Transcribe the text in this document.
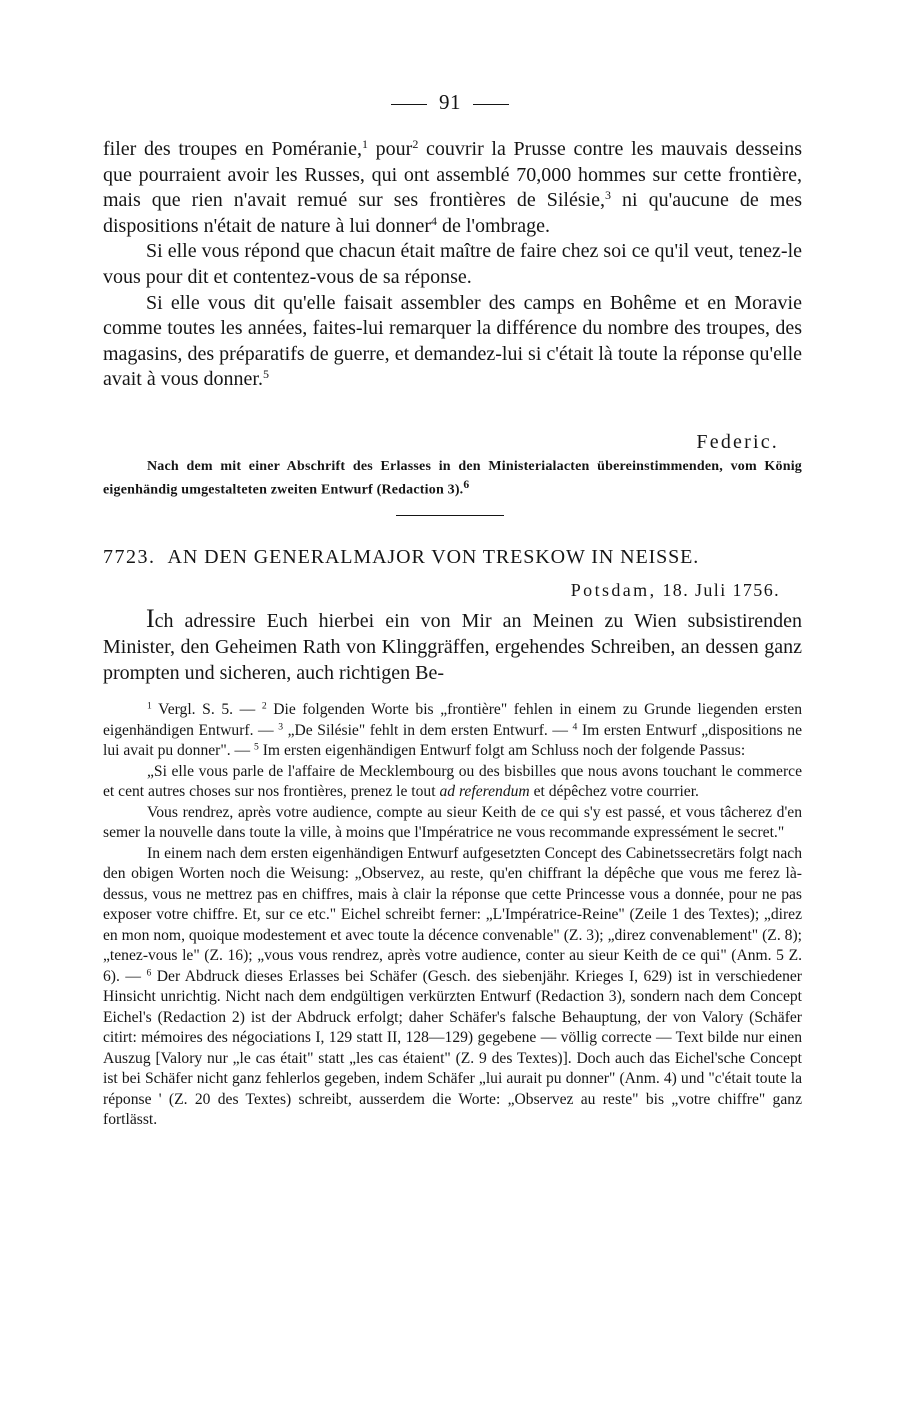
91

filer des troupes en Poméranie,$^1$ pour$^2$ couvrir la Prusse contre les mauvais desseins que pourraient avoir les Russes, qui ont assemblé 70,000 hommes sur cette frontière, mais que rien n'avait remué sur ses frontières de Silésie,$^3$ ni qu'aucune de mes dispositions n'était de nature à lui donner$^4$ de l'ombrage.

Si elle vous répond que chacun était maître de faire chez soi ce qu'il veut, tenez-le vous pour dit et contentez-vous de sa réponse.

Si elle vous dit qu'elle faisait assembler des camps en Bohême et en Moravie comme toutes les années, faites-lui remarquer la différence du nombre des troupes, des magasins, des préparatifs de guerre, et demandez-lui si c'était là toute la réponse qu'elle avait à vous donner.$^5$

Federic.
Nach dem mit einer Abschrift des Erlasses in den Ministerialacten übereinstimmenden, vom König eigenhändig umgestalteten zweiten Entwurf (Redaction 3).$^6$
7723. AN DEN GENERALMAJOR VON TRESKOW IN NEISSE.
Potsdam, 18. Juli 1756.
Ich adressire Euch hierbei ein von Mir an Meinen zu Wien subsistirenden Minister, den Geheimen Rath von Klinggräffen, ergehendes Schreiben, an dessen ganz prompten und sicheren, auch richtigen Be-

$^1$ Vergl. S. 5. — $^2$ Die folgenden Worte bis „frontière" fehlen in einem zu Grunde liegenden ersten eigenhändigen Entwurf. — $^3$ „De Silésie" fehlt in dem ersten Entwurf. — $^4$ Im ersten Entwurf „dispositions ne lui avait pu donner". — $^5$ Im ersten eigenhändigen Entwurf folgt am Schluss noch der folgende Passus:

„Si elle vous parle de l'affaire de Mecklembourg ou des bisbilles que nous avons touchant le commerce et cent autres choses sur nos frontières, prenez le tout ad referendum et dépêchez votre courrier.

Vous rendrez, après votre audience, compte au sieur Keith de ce qui s'y est passé, et vous tâcherez d'en semer la nouvelle dans toute la ville, à moins que l'Impératrice ne vous recommande expressément le secret."

In einem nach dem ersten eigenhändigen Entwurf aufgesetzten Concept des Cabinetssecretärs folgt nach den obigen Worten noch die Weisung: „Observez, au reste, qu'en chiffrant la dépêche que vous me ferez là-dessus, vous ne mettrez pas en chiffres, mais à clair la réponse que cette Princesse vous a donnée, pour ne pas exposer votre chiffre. Et, sur ce etc." Eichel schreibt ferner: „L'Impératrice-Reine" (Zeile 1 des Textes); „direz en mon nom, quoique modestement et avec toute la décence convenable" (Z. 3); „direz convenablement" (Z. 8); „tenez-vous le" (Z. 16); „vous vous rendrez, après votre audience, conter au sieur Keith de ce qui" (Anm. 5 Z. 6). — $^6$ Der Abdruck dieses Erlasses bei Schäfer (Gesch. des siebenjähr. Krieges I, 629) ist in verschiedener Hinsicht unrichtig. Nicht nach dem endgültigen verkürzten Entwurf (Redaction 3), sondern nach dem Concept Eichel's (Redaction 2) ist der Abdruck erfolgt; daher Schäfer's falsche Behauptung, der von Valory (Schäfer citirt: mémoires des négociations I, 129 statt II, 128—129) gegebene — völlig correcte — Text bilde nur einen Auszug [Valory nur „le cas était" statt „les cas étaient" (Z. 9 des Textes)]. Doch auch das Eichel'sche Concept ist bei Schäfer nicht ganz fehlerlos gegeben, indem Schäfer „lui aurait pu donner" (Anm. 4) und "c'était toute la réponse ' (Z. 20 des Textes) schreibt, ausserdem die Worte: „Observez au reste" bis „votre chiffre" ganz fortlässt.
